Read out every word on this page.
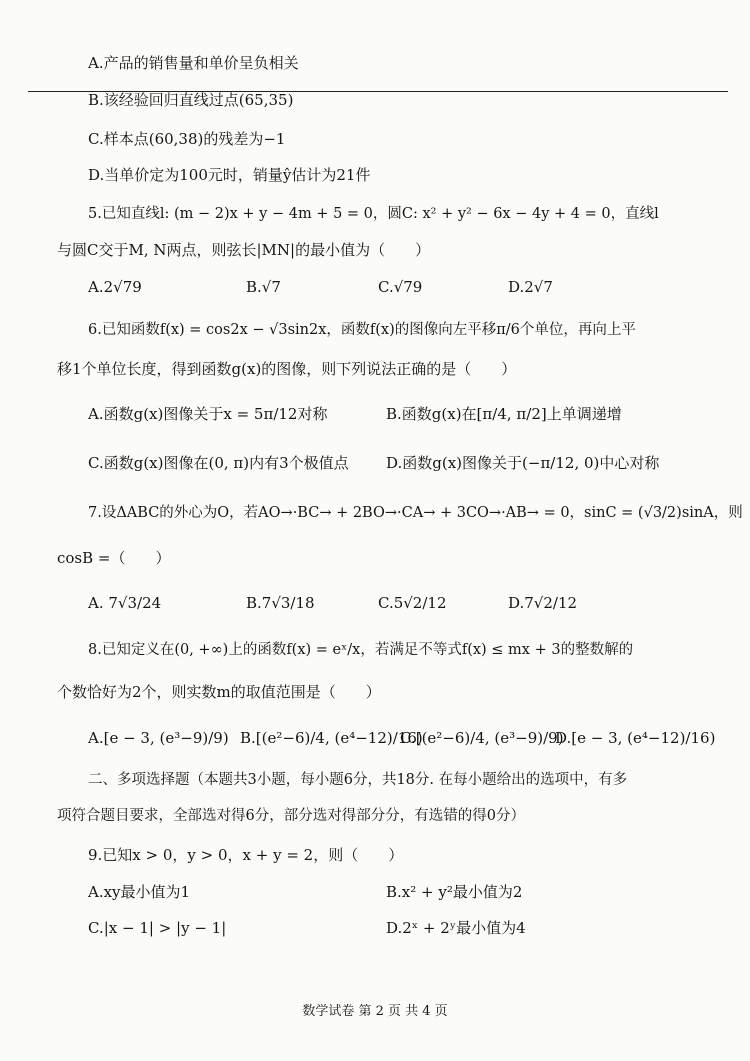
A.产品的销售量和单价呈负相关
B.该经验回归直线过点(65,35)
C.样本点(60,38)的残差为−1
D.当单价定为100元时，销量ŷ估计为21件
5.已知直线l: (m − 2)x + y − 4m + 5 = 0，圆C: x² + y² − 6x − 4y + 4 = 0，直线l
与圆C交于M, N两点，则弦长|MN|的最小值为（　　）
A.2√79	B.√7	C.√79	D.2√7
6.已知函数f(x) = cos2x − √3sin2x，函数f(x)的图像向左平移π/6个单位，再向上平
移1个单位长度，得到函数g(x)的图像，则下列说法正确的是（　　）
A.函数g(x)图像关于x = 5π/12对称	B.函数g(x)在[π/4, π/2]上单调递增
C.函数g(x)图像在(0, π)内有3个极值点 D.函数g(x)图像关于(−π/12, 0)中心对称
7.设ΔABC的外心为O，若AO→·BC→ + 2BO→·CA→ + 3CO→·AB→ = 0，sinC = (√3/2)sinA，则
cosB =（　　）
A. 7√3/24	B.7√3/18	C.5√2/12	D.7√2/12
8.已知定义在(0, +∞)上的函数f(x) = eˣ/x，若满足不等式f(x) ≤ mx + 3的整数解的
个数恰好为2个，则实数m的取值范围是（　　）
A.[e − 3, (e³−9)/9) B.[(e²−6)/4, (e⁴−12)/16)
C.[(e²−6)/4, (e³−9)/9)
D.[e − 3, (e⁴−12)/16)
二、多项选择题（本题共3小题，每小题6分，共18分. 在每小题给出的选项中，有多
项符合题目要求，全部选对得6分，部分选对得部分分，有选错的得0分）
9.已知x > 0，y > 0，x + y = 2，则（　　）
A.xy最小值为1	B.x² + y²最小值为2
C.|x − 1| > |y − 1|	D.2ˣ + 2ʸ最小值为4
数学试卷 第 2 页 共 4 页
